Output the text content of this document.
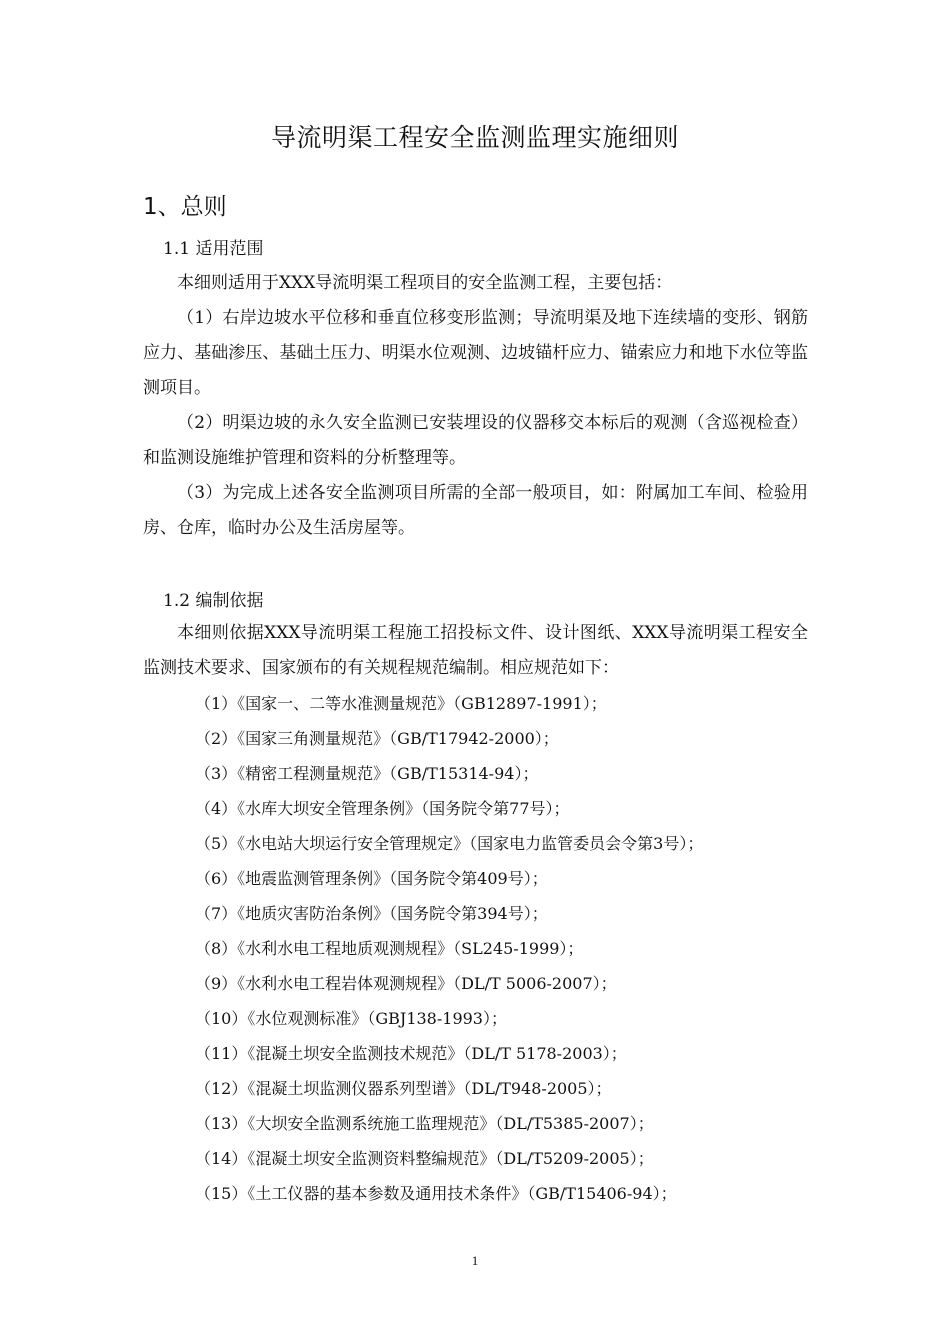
导流明渠工程安全监测监理实施细则
1、总则
1.1 适用范围
本细则适用于XXX导流明渠工程项目的安全监测工程，主要包括：
（1）右岸边坡水平位移和垂直位移变形监测；导流明渠及地下连续墙的变形、钢筋应力、基础渗压、基础土压力、明渠水位观测、边坡锚杆应力、锚索应力和地下水位等监测项目。
（2）明渠边坡的永久安全监测已安装埋设的仪器移交本标后的观测（含巡视检查）和监测设施维护管理和资料的分析整理等。
（3）为完成上述各安全监测项目所需的全部一般项目，如：附属加工车间、检验用房、仓库，临时办公及生活房屋等。
1.2 编制依据
本细则依据XXX导流明渠工程施工招投标文件、设计图纸、XXX导流明渠工程安全监测技术要求、国家颁布的有关规程规范编制。相应规范如下：
（1）《国家一、二等水准测量规范》（GB12897-1991）；
（2）《国家三角测量规范》（GB/T17942-2000）；
（3）《精密工程测量规范》（GB/T15314-94）；
（4）《水库大坝安全管理条例》（国务院令第77号）；
（5）《水电站大坝运行安全管理规定》（国家电力监管委员会令第3号）；
（6）《地震监测管理条例》（国务院令第409号）；
（7）《地质灾害防治条例》（国务院令第394号）；
（8）《水利水电工程地质观测规程》（SL245-1999）；
（9）《水利水电工程岩体观测规程》（DL/T 5006-2007）；
（10）《水位观测标准》（GBJ138-1993）；
（11）《混凝土坝安全监测技术规范》（DL/T 5178-2003）；
（12）《混凝土坝监测仪器系列型谱》（DL/T948-2005）；
（13）《大坝安全监测系统施工监理规范》（DL/T5385-2007）；
（14）《混凝土坝安全监测资料整编规范》（DL/T5209-2005）；
（15）《土工仪器的基本参数及通用技术条件》（GB/T15406-94）；
1
